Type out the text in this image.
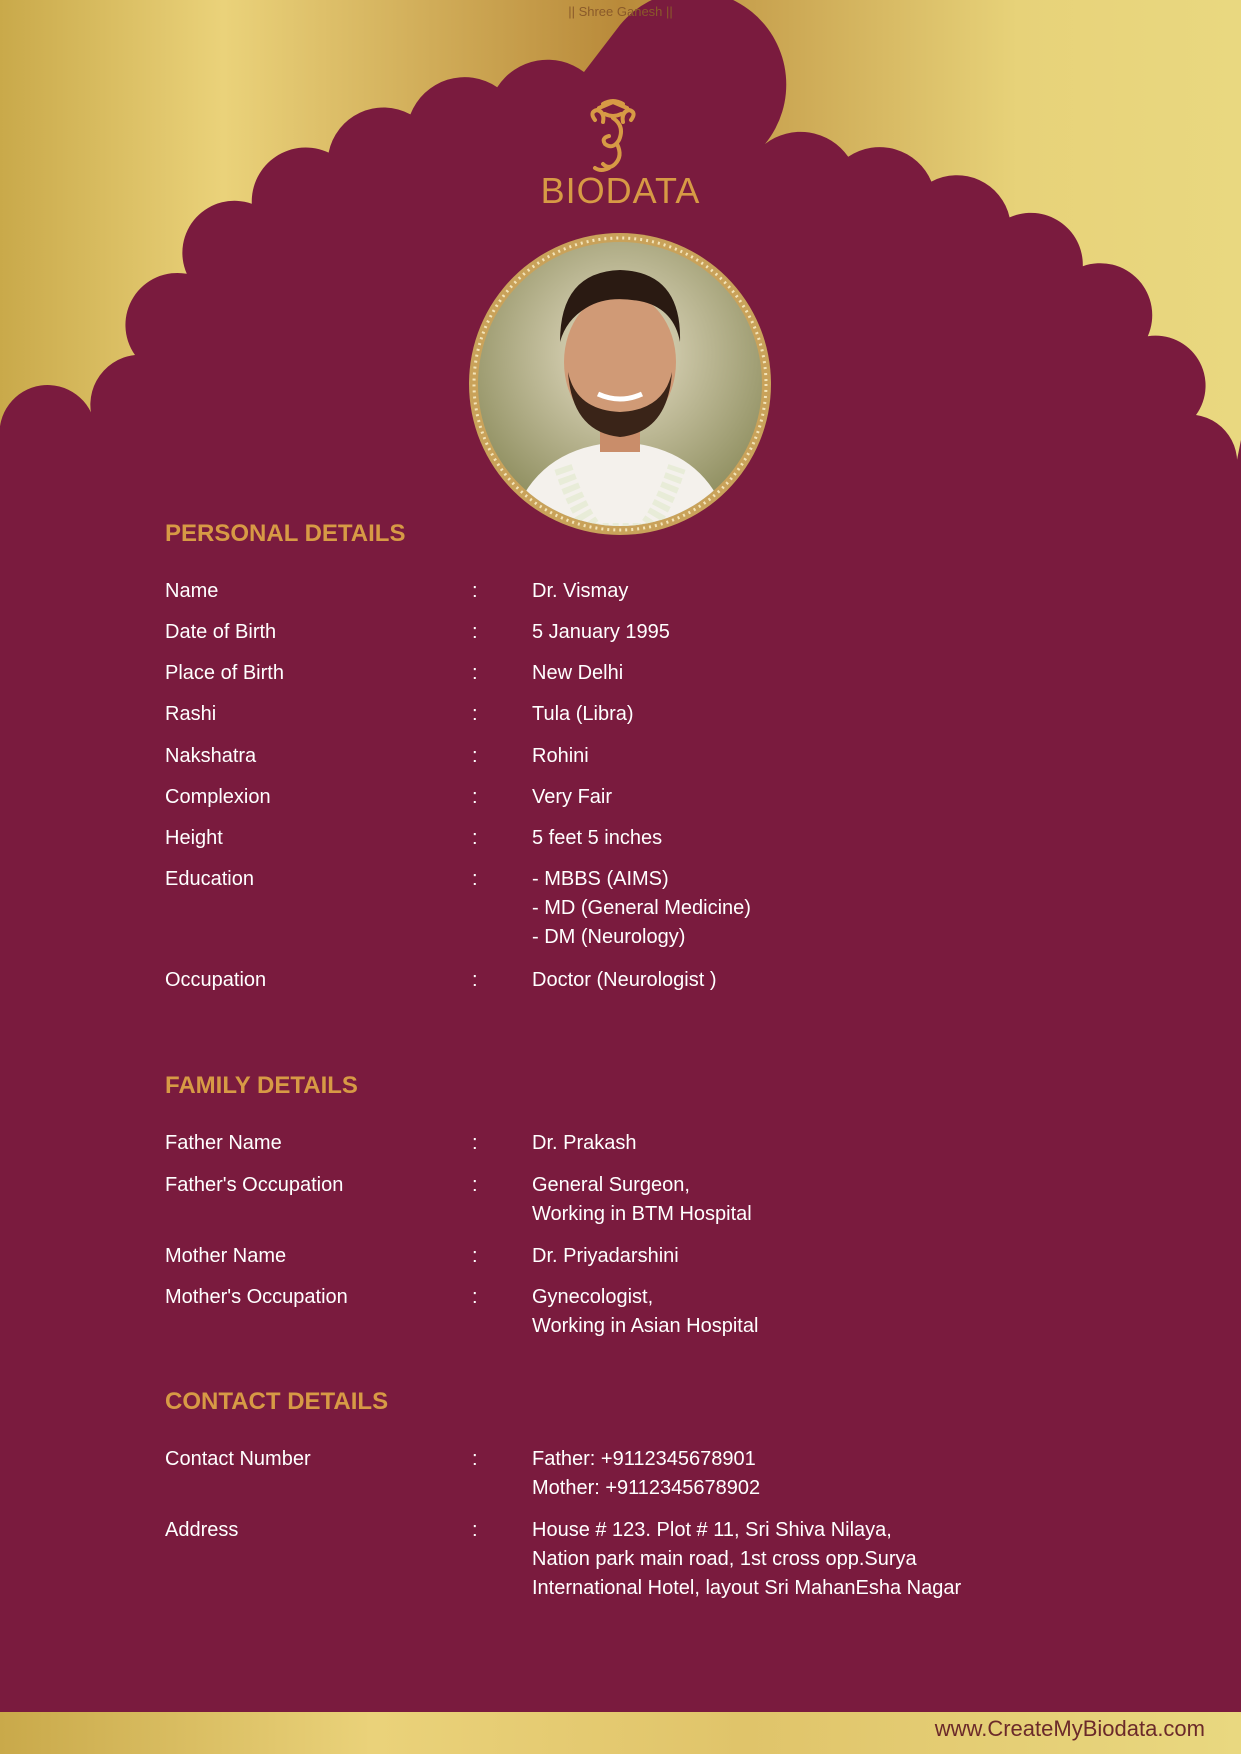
|| Shree Ganesh ||
BIODATA
PERSONAL DETAILS
Name	:	Dr. Vismay
Date of Birth	:	5 January 1995
Place of Birth	:	New Delhi
Rashi	:	Tula (Libra)
Nakshatra	:	Rohini
Complexion	:	Very Fair
Height	:	5 feet 5 inches
Education	:	- MBBS (AIMS)
- MD (General Medicine)
- DM (Neurology)
Occupation	:	Doctor (Neurologist )
FAMILY DETAILS
Father Name	:	Dr. Prakash
Father's Occupation	:	General Surgeon,
Working in BTM Hospital
Mother Name	:	Dr. Priyadarshini
Mother's Occupation	:	Gynecologist,
Working in Asian Hospital
CONTACT DETAILS
Contact Number	:	Father: +9112345678901
Mother: +9112345678902
Address	:	House # 123. Plot # 11, Sri Shiva Nilaya,
Nation park main road, 1st cross opp.Surya
International Hotel, layout Sri MahanEsha Nagar
www.CreateMyBiodata.com
